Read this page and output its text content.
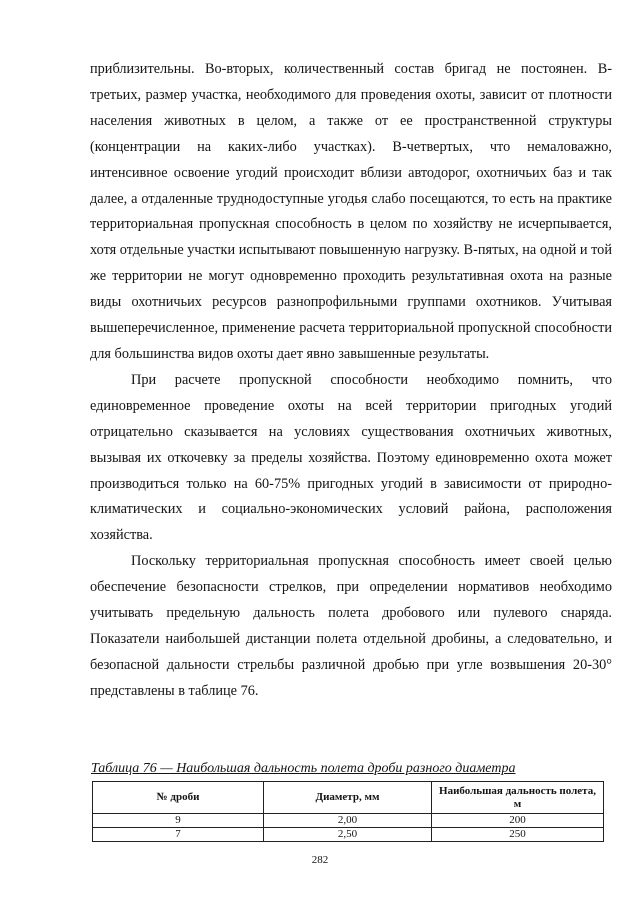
приблизительны. Во-вторых, количественный состав бригад не постоянен. В-третьих, размер участка, необходимого для проведения охоты, зависит от плотности населения животных в целом, а также от ее пространственной структуры (концентрации на каких-либо участках). В-четвертых, что немаловажно, интенсивное освоение угодий происходит вблизи автодорог, охотничьих баз и так далее, а отдаленные труднодоступные угодья слабо посещаются, то есть на практике территориальная пропускная способность в целом по хозяйству не исчерпывается, хотя отдельные участки испытывают повышенную нагрузку. В-пятых, на одной и той же территории не могут одновременно проходить результативная охота на разные виды охотничьих ресурсов разнопрофильными группами охотников. Учитывая вышеперечисленное, применение расчета территориальной пропускной способности для большинства видов охоты дает явно завышенные результаты.

При расчете пропускной способности необходимо помнить, что единовременное проведение охоты на всей территории пригодных угодий отрицательно сказывается на условиях существования охотничьих животных, вызывая их откочевку за пределы хозяйства. Поэтому единовременно охота может производиться только на 60-75% пригодных угодий в зависимости от природно-климатических и социально-экономических условий района, расположения хозяйства.

Поскольку территориальная пропускная способность имеет своей целью обеспечение безопасности стрелков, при определении нормативов необходимо учитывать предельную дальность полета дробового или пулевого снаряда. Показатели наибольшей дистанции полета отдельной дробины, а следовательно, и безопасной дальности стрельбы различной дробью при угле возвышения 20-30° представлены в таблице 76.

Таблица 76 — Наибольшая дальность полета дроби разного диаметра
№ дроби	Диаметр, мм	Наибольшая дальность полета, м
9	2,00	200
7	2,50	250
282
